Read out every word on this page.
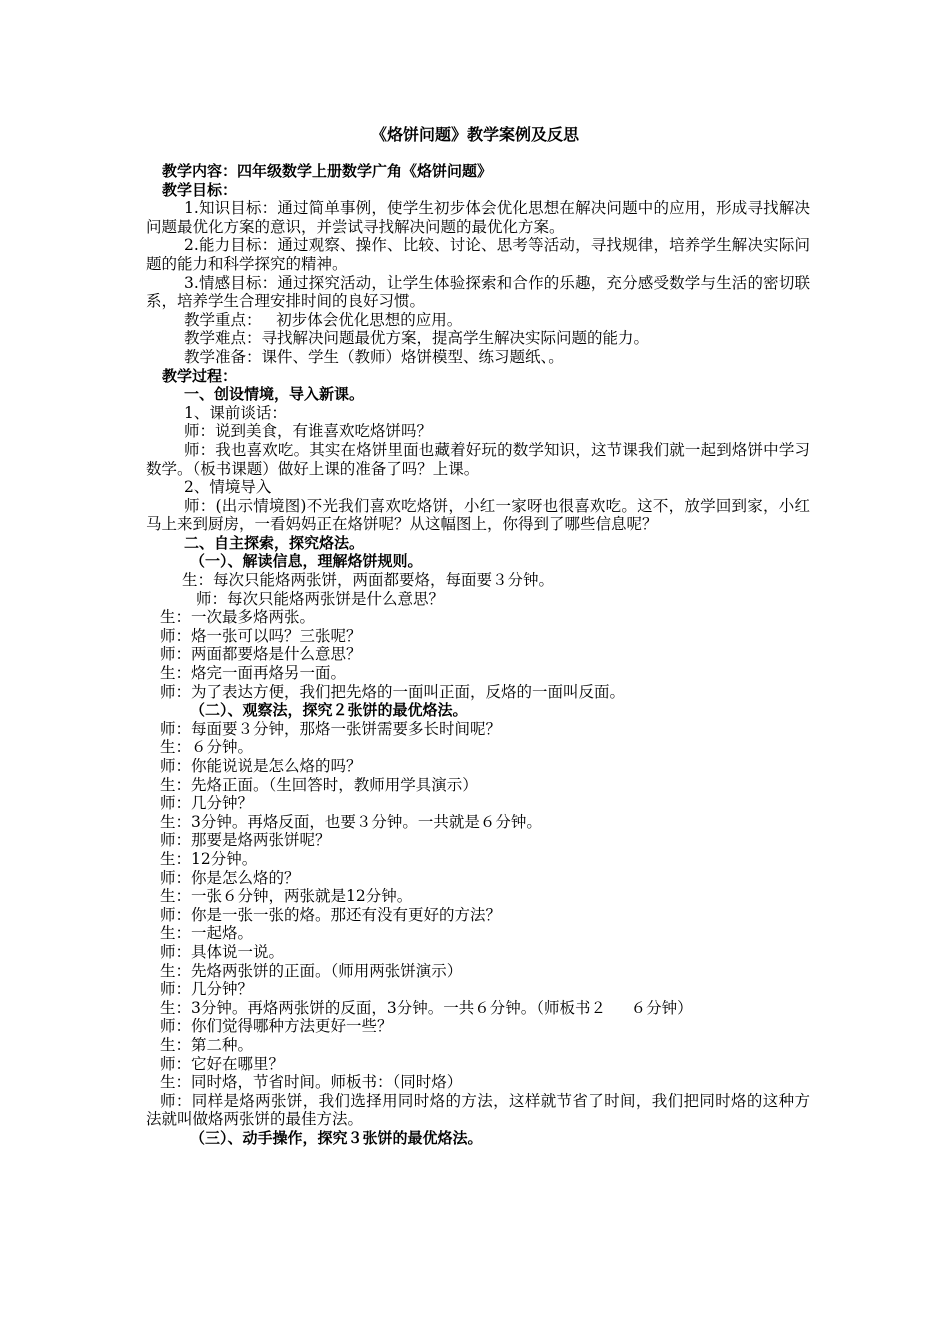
《烙饼问题》教学案例及反思
教学内容：四年级数学上册数学广角《烙饼问题》
教学目标：
1.知识目标：通过简单事例，使学生初步体会优化思想在解决问题中的应用，形成寻找解决问题最优化方案的意识，并尝试寻找解决问题的最优化方案。
2.能力目标：通过观察、操作、比较、讨论、思考等活动，寻找规律，培养学生解决实际问题的能力和科学探究的精神。
3.情感目标：通过探究活动，让学生体验探索和合作的乐趣，充分感受数学与生活的密切联系，培养学生合理安排时间的良好习惯。
教学重点：   初步体会优化思想的应用。
教学难点：寻找解决问题最优方案，提高学生解决实际问题的能力。
教学准备：课件、学生（教师）烙饼模型、练习题纸、。
教学过程：
一、创设情境，导入新课。
1、课前谈话：
师：说到美食，有谁喜欢吃烙饼吗？
师：我也喜欢吃。其实在烙饼里面也藏着好玩的数学知识，这节课我们就一起到烙饼中学习数学。（板书课题）做好上课的准备了吗？上课。
2、情境导入
师：(出示情境图)不光我们喜欢吃烙饼，小红一家呀也很喜欢吃。这不，放学回到家，小红马上来到厨房，一看妈妈正在烙饼呢？从这幅图上，你得到了哪些信息呢？
二、自主探索，探究烙法。
（一）、解读信息，理解烙饼规则。
生：每次只能烙两张饼，两面都要烙，每面要３分钟。
师：每次只能烙两张饼是什么意思？
生：一次最多烙两张。
师：烙一张可以吗？三张呢？
师：两面都要烙是什么意思？
生：烙完一面再烙另一面。
师：为了表达方便，我们把先烙的一面叫正面，反烙的一面叫反面。
（二）、观察法，探究２张饼的最优烙法。
师：每面要３分钟，那烙一张饼需要多长时间呢？
生：６分钟。
师：你能说说是怎么烙的吗？
生：先烙正面。（生回答时，教师用学具演示）
师：几分钟？
生：3分钟。再烙反面，也要３分钟。一共就是６分钟。
师：那要是烙两张饼呢？
生：12分钟。
师：你是怎么烙的？
生：一张６分钟，两张就是12分钟。
师：你是一张一张的烙。那还有没有更好的方法？
生：一起烙。
师：具体说一说。
生：先烙两张饼的正面。（师用两张饼演示）
师：几分钟？
生：3分钟。再烙两张饼的反面，3分钟。一共６分钟。（师板书２     ６分钟）
师：你们觉得哪种方法更好一些？
生：第二种。
师：它好在哪里？
生：同时烙，节省时间。师板书：（同时烙）
师：同样是烙两张饼，我们选择用同时烙的方法，这样就节省了时间，我们把同时烙的这种方法就叫做烙两张饼的最佳方法。
（三）、动手操作，探究３张饼的最优烙法。
